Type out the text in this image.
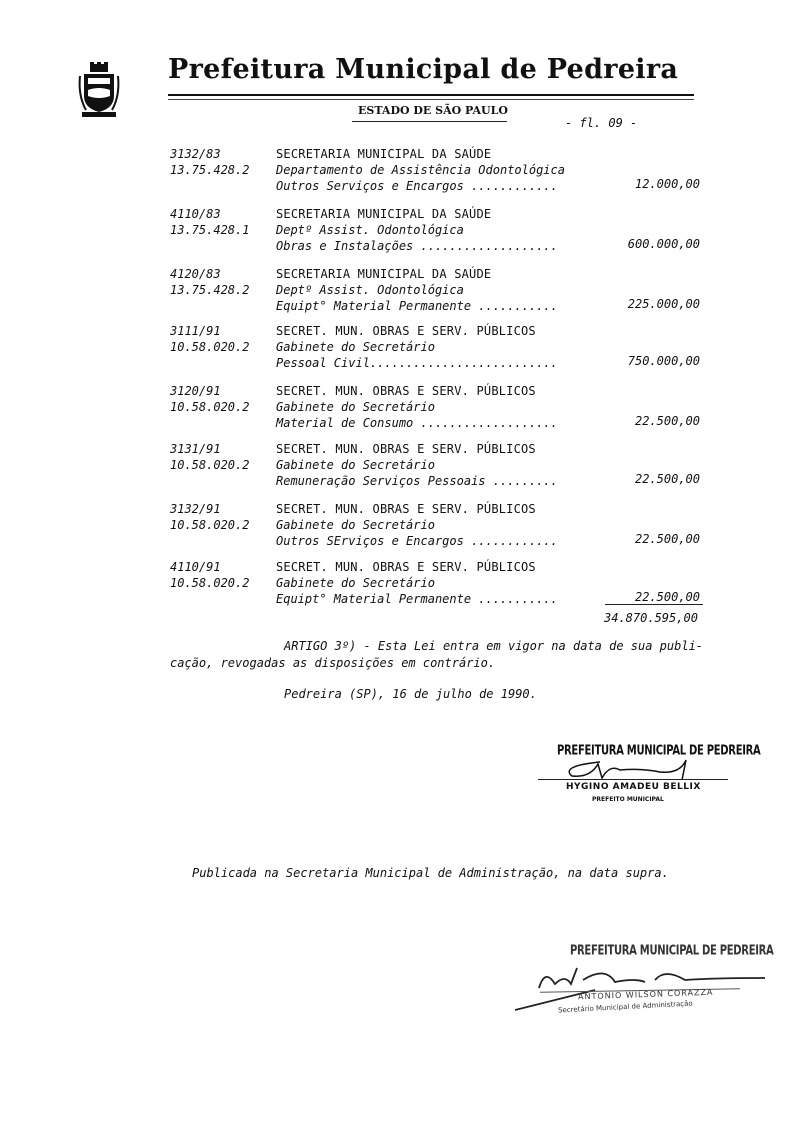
Prefeitura Municipal de Pedreira
ESTADO DE SÃO PAULO
- fl. 09 -
3132/83
13.75.428.2
SECRETARIA MUNICIPAL DA SAÚDE
Departamento de Assistência Odontológica
Outros Serviços e Encargos ............	12.000,00
4110/83
13.75.428.1
SECRETARIA MUNICIPAL DA SAÚDE
Deptº Assist. Odontológica
Obras e Instalações ...................	600.000,00
4120/83
13.75.428.2
SECRETARIA MUNICIPAL DA SAÚDE
Deptº Assist. Odontológica
Equipt° Material Permanente ...........	225.000,00
3111/91
10.58.020.2
SECRET. MUN. OBRAS E SERV. PÚBLICOS
Gabinete do Secretário
Pessoal Civil..........................	750.000,00
3120/91
10.58.020.2
SECRET. MUN. OBRAS E SERV. PÚBLICOS
Gabinete do Secretário
Material de Consumo ...................	22.500,00
3131/91
10.58.020.2
SECRET. MUN. OBRAS E SERV. PÚBLICOS
Gabinete do Secretário
Remuneração Serviços Pessoais .........	22.500,00
3132/91
10.58.020.2
SECRET. MUN. OBRAS E SERV. PÚBLICOS
Gabinete do Secretário
Outros SErviços e Encargos ............	22.500,00
4110/91
10.58.020.2
SECRET. MUN. OBRAS E SERV. PÚBLICOS
Gabinete do Secretário
Equipt° Material Permanente ...........	22.500,00
34.870.595,00
ARTIGO 3º) - Esta Lei entra em vigor na data de sua publi-
cação, revogadas as disposições em contrário.
Pedreira (SP), 16 de julho de 1990.
PREFEITURA MUNICIPAL DE PEDREIRA
HYGINO AMADEU BELLIX
PREFEITO MUNICIPAL
Publicada na Secretaria Municipal de Administração, na data supra.
PREFEITURA MUNICIPAL DE PEDREIRA
ANTONIO WILSON CORAZZA
Secretário Municipal de Administração
